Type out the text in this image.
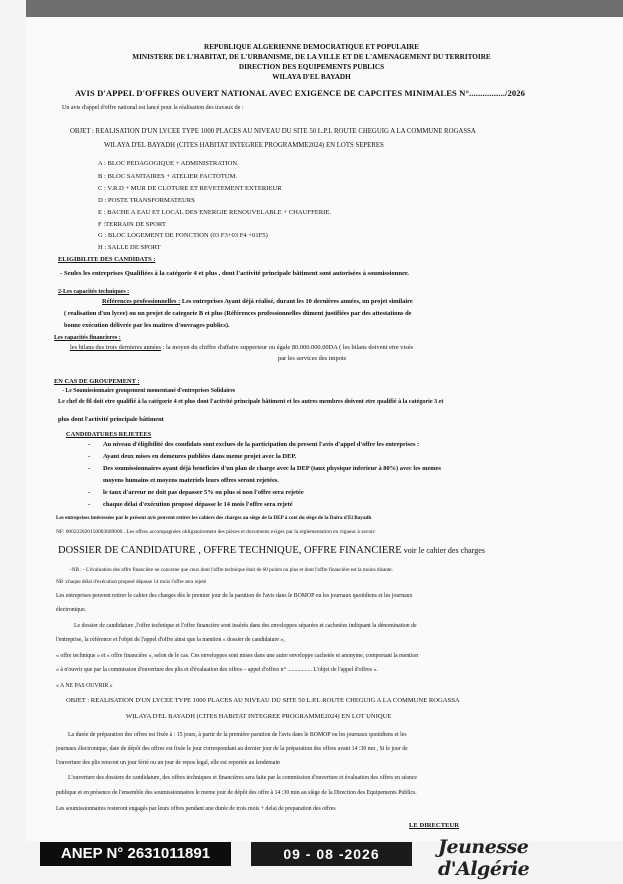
REPUBLIQUE ALGERIENNE DEMOCRATIQUE ET POPULAIRE
MINISTERE DE L'HABITAT, DE L'URBANISME, DE LA VILLE ET DE L'AMENAGEMENT DU TERRITOIRE
DIRECTION DES EQUIPEMENTS PUBLICS
WILAYA D'EL BAYADH
AVIS D'APPEL D'OFFRES OUVERT NATIONAL AVEC EXIGENCE DE CAPCITES MINIMALES N°................/2026
Un avis d'appel d'offre national est lancé pour la réalisation des travaux de :
OBJET : REALISATION D'UN LYCEE TYPE 1000 PLACES AU NIVEAU DU SITE 50 L.P.L ROUTE CHEGUIG A LA COMMUNE ROGASSA
WILAYA D'EL BAYADH (CITES HABITAT INTEGREE PROGRAMME2024) EN LOTS SEPERES
A : BLOC PEDAGOGIQUE + ADMINISTRATION.
B : BLOC SANITAIRES + ATELIER FACTOTUM.
C : V.R.D + MUR DE CLOTURE ET REVETEMENT EXTERIEUR
D : POSTE TRANSFORMATEURS
E : BACHE A EAU ET LOCAL DES ENERGIE RENOUVELABLE + CHAUFFERIE.
F :TERRAIN DE SPORT
G : BLOC LOGEMENT DE FONCTION (03 F3+03 F4 +01F5)
H : SALLE DE SPORT
ELIGIBILITE DES CANDIDATS :
- Seules les entreprises Qualifiées à la catégorie 4 et plus , dont l'activité principale bâtiment sont autorisées à soumissionner.
2-Les capacités techniques :
Références professionnelles : Les entreprises Ayant déjà réalisé, durant les 10 dernières années, un projet similaire
( realisation d'un lycee) ou un projet de categorie B et plus (Références professionnelles dûment justifiées par des attestations de
bonne exécution délivrée par les maitres d'ouvrages publics).
Les capacités financieres :
les bilans des trois dernieres années : la moyen du chiffre d'affaire supperieur ou égale 80.000.000.00DA ( les bilans doivent etre visés
par les services des impots
EN CAS DE GROUPEMENT :
- Le Soumissionnaire groupement momentané d'entreprises Solidaires
Le chef de fil doit etre qualifié à la catégorie 4 et plus dont l'activité principale bâtiment et les autres membres doivent etre qualifié à la catégorie 3 et
plus dont l'activité principale bâtiment
CANDIDATURES REJETEES
- Au niveau d'éligibilité des condidats sont exclues de la participation du present l'avis d'appel d'offre les entreprises :
- Ayant deux mises en demeures publiées dans meme projet avec la DEP.
- Des soumissionnaires ayant déjà beneficies d'un plan de charge avec la DEP (taux physique inferieur à 80%) avec les memes
moyens humains et moyens materiels leurs offres seront rejetées.
- le taux d'arreur ne doit pas depasser 5% ou plus si non l'offre sera rejetée
- chaque délai d'exécution proposé dépasse le 14 mois l'offre sera rejeté
Les entreprises intéressées par le présent avis peuvent retirer les cahiers des charges au siège de la DEP à coté du siège de la Daira d'El Bayadh
NF: 000232020150003669000 . Les offres accompagnées obligatoirement des pièces et documents exigés par la réglementation en vigueur à savoir:
DOSSIER DE CANDIDATURE , OFFRE TECHNIQUE, OFFRE FINANCIERE voir le cahier des charges
-NB : - L'évaluation des offre financière ne concerne que ceux dont l'offre technique était de 60 points ou plus et dont l'offre financière est la moins disante.
NB :chaque délai d'exécution proposé dépasse 14 mois l'offre sera rejeté
Les entreprises peuvent retirer le cahier des charges dès le premier jour de la parution de l'avis dans le BOMOP ou les journaux quotidiens et les journaux
électronique.
Le dossier de candidature ,l'offre technique et l'offre financière sont insérés dans des enveloppes séparées et cachetées indiquant la dénomination de
l'entreprise, la référence et l'objet de l'appel d'offre ainsi que la mention « dossier de candidature »,
« offre technique » et « offre financière », selon de le cas. Ces enveloppes sont mises dans une autre enveloppe cachetée et anonyme, comportant la mention
« à n'ouvrir que par la commission d'ouverture des plis et d'évaluation des offres – appel d'offres n° ................. L'objet de l'appel d'offres ».
« A NE PAS OUVRIR »
OBJET : REALISATION D'UN LYCEE TYPE 1000 PLACES AU NIVEAU DU SITE 50 L.P.L ROUTE CHEGUIG A LA COMMUNE ROGASSA
WILAYA D'EL BAYADH (CITES HABITAT INTEGREE PROGRAMME2024) EN LOT UNIQUE
La durée de préparation des offres est fixée à : 15 jours, à partir de la première parution de l'avis dans le BOMOP ou les journaux quotidiens et les
journaux électronique, date de dépôt des offres est fixée le jour correspondant au dernier jour de la préparation des offres avant 14 :30 mn , Si le jour de
l'ouverture des plis rencont un jour férié ou un jour de repos legal, elle est reportée au lendemain
L'ouverture des dossiers de candidature, des offres techniques et financières sera faite par la commission d'ouverture et évaluation des offres en séance
publique et en présence de l'ensemble des soumissionnaires le meme jour de dépôt des offre à 14 :30 min au siège de la Direction des Equipements Publics.
Les soumissionnaires resteront engagés par leurs offres pendant une durée de trois mois + delai de preparation des offres
LE DIRECTEUR
ANEP N° 2631011891	09 - 08 -2026	Jeunesse d'Algérie
